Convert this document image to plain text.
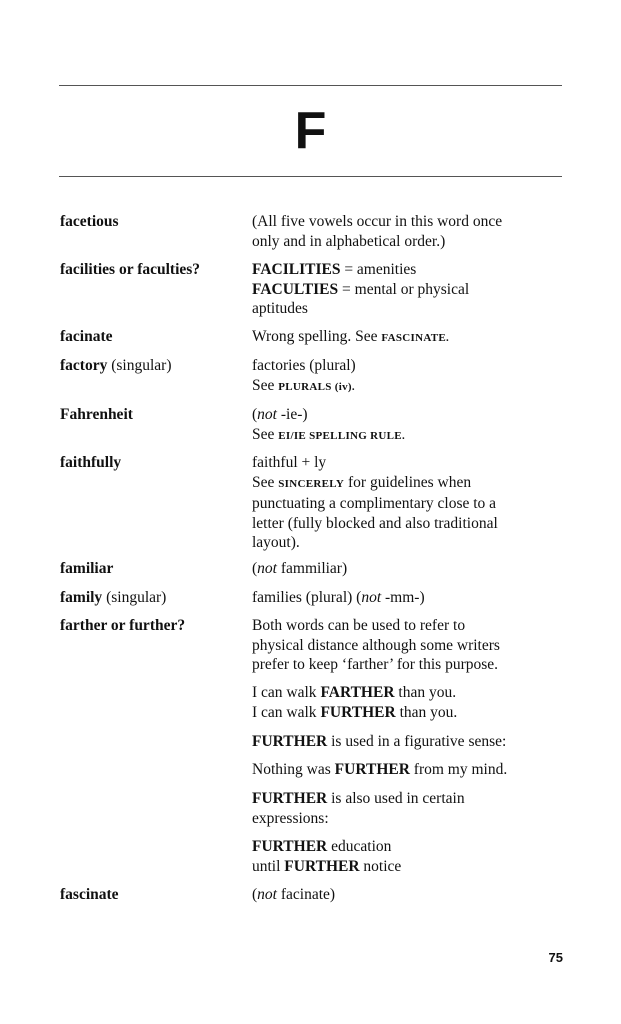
F
facetious	(All five vowels occur in this word once
only and in alphabetical order.)
facilities or faculties?	FACILITIES = amenities
FACULTIES = mental or physical
aptitudes
facinate	Wrong spelling. See FASCINATE.
factory (singular)	factories (plural)
See PLURALS (iv).
Fahrenheit	(not -ie-)
See EI/IE SPELLING RULE.
faithfully	faithful + ly
See SINCERELY for guidelines when
punctuating a complimentary close to a
letter (fully blocked and also traditional
layout).
familiar	(not fammiliar)
family (singular)	families (plural) (not -mm-)
farther or further?	Both words can be used to refer to
physical distance although some writers
prefer to keep ‘farther’ for this purpose.
I can walk FARTHER than you.
I can walk FURTHER than you.
FURTHER is used in a figurative sense:
Nothing was FURTHER from my mind.
FURTHER is also used in certain
expressions:
FURTHER education
until FURTHER notice
fascinate	(not facinate)
75
